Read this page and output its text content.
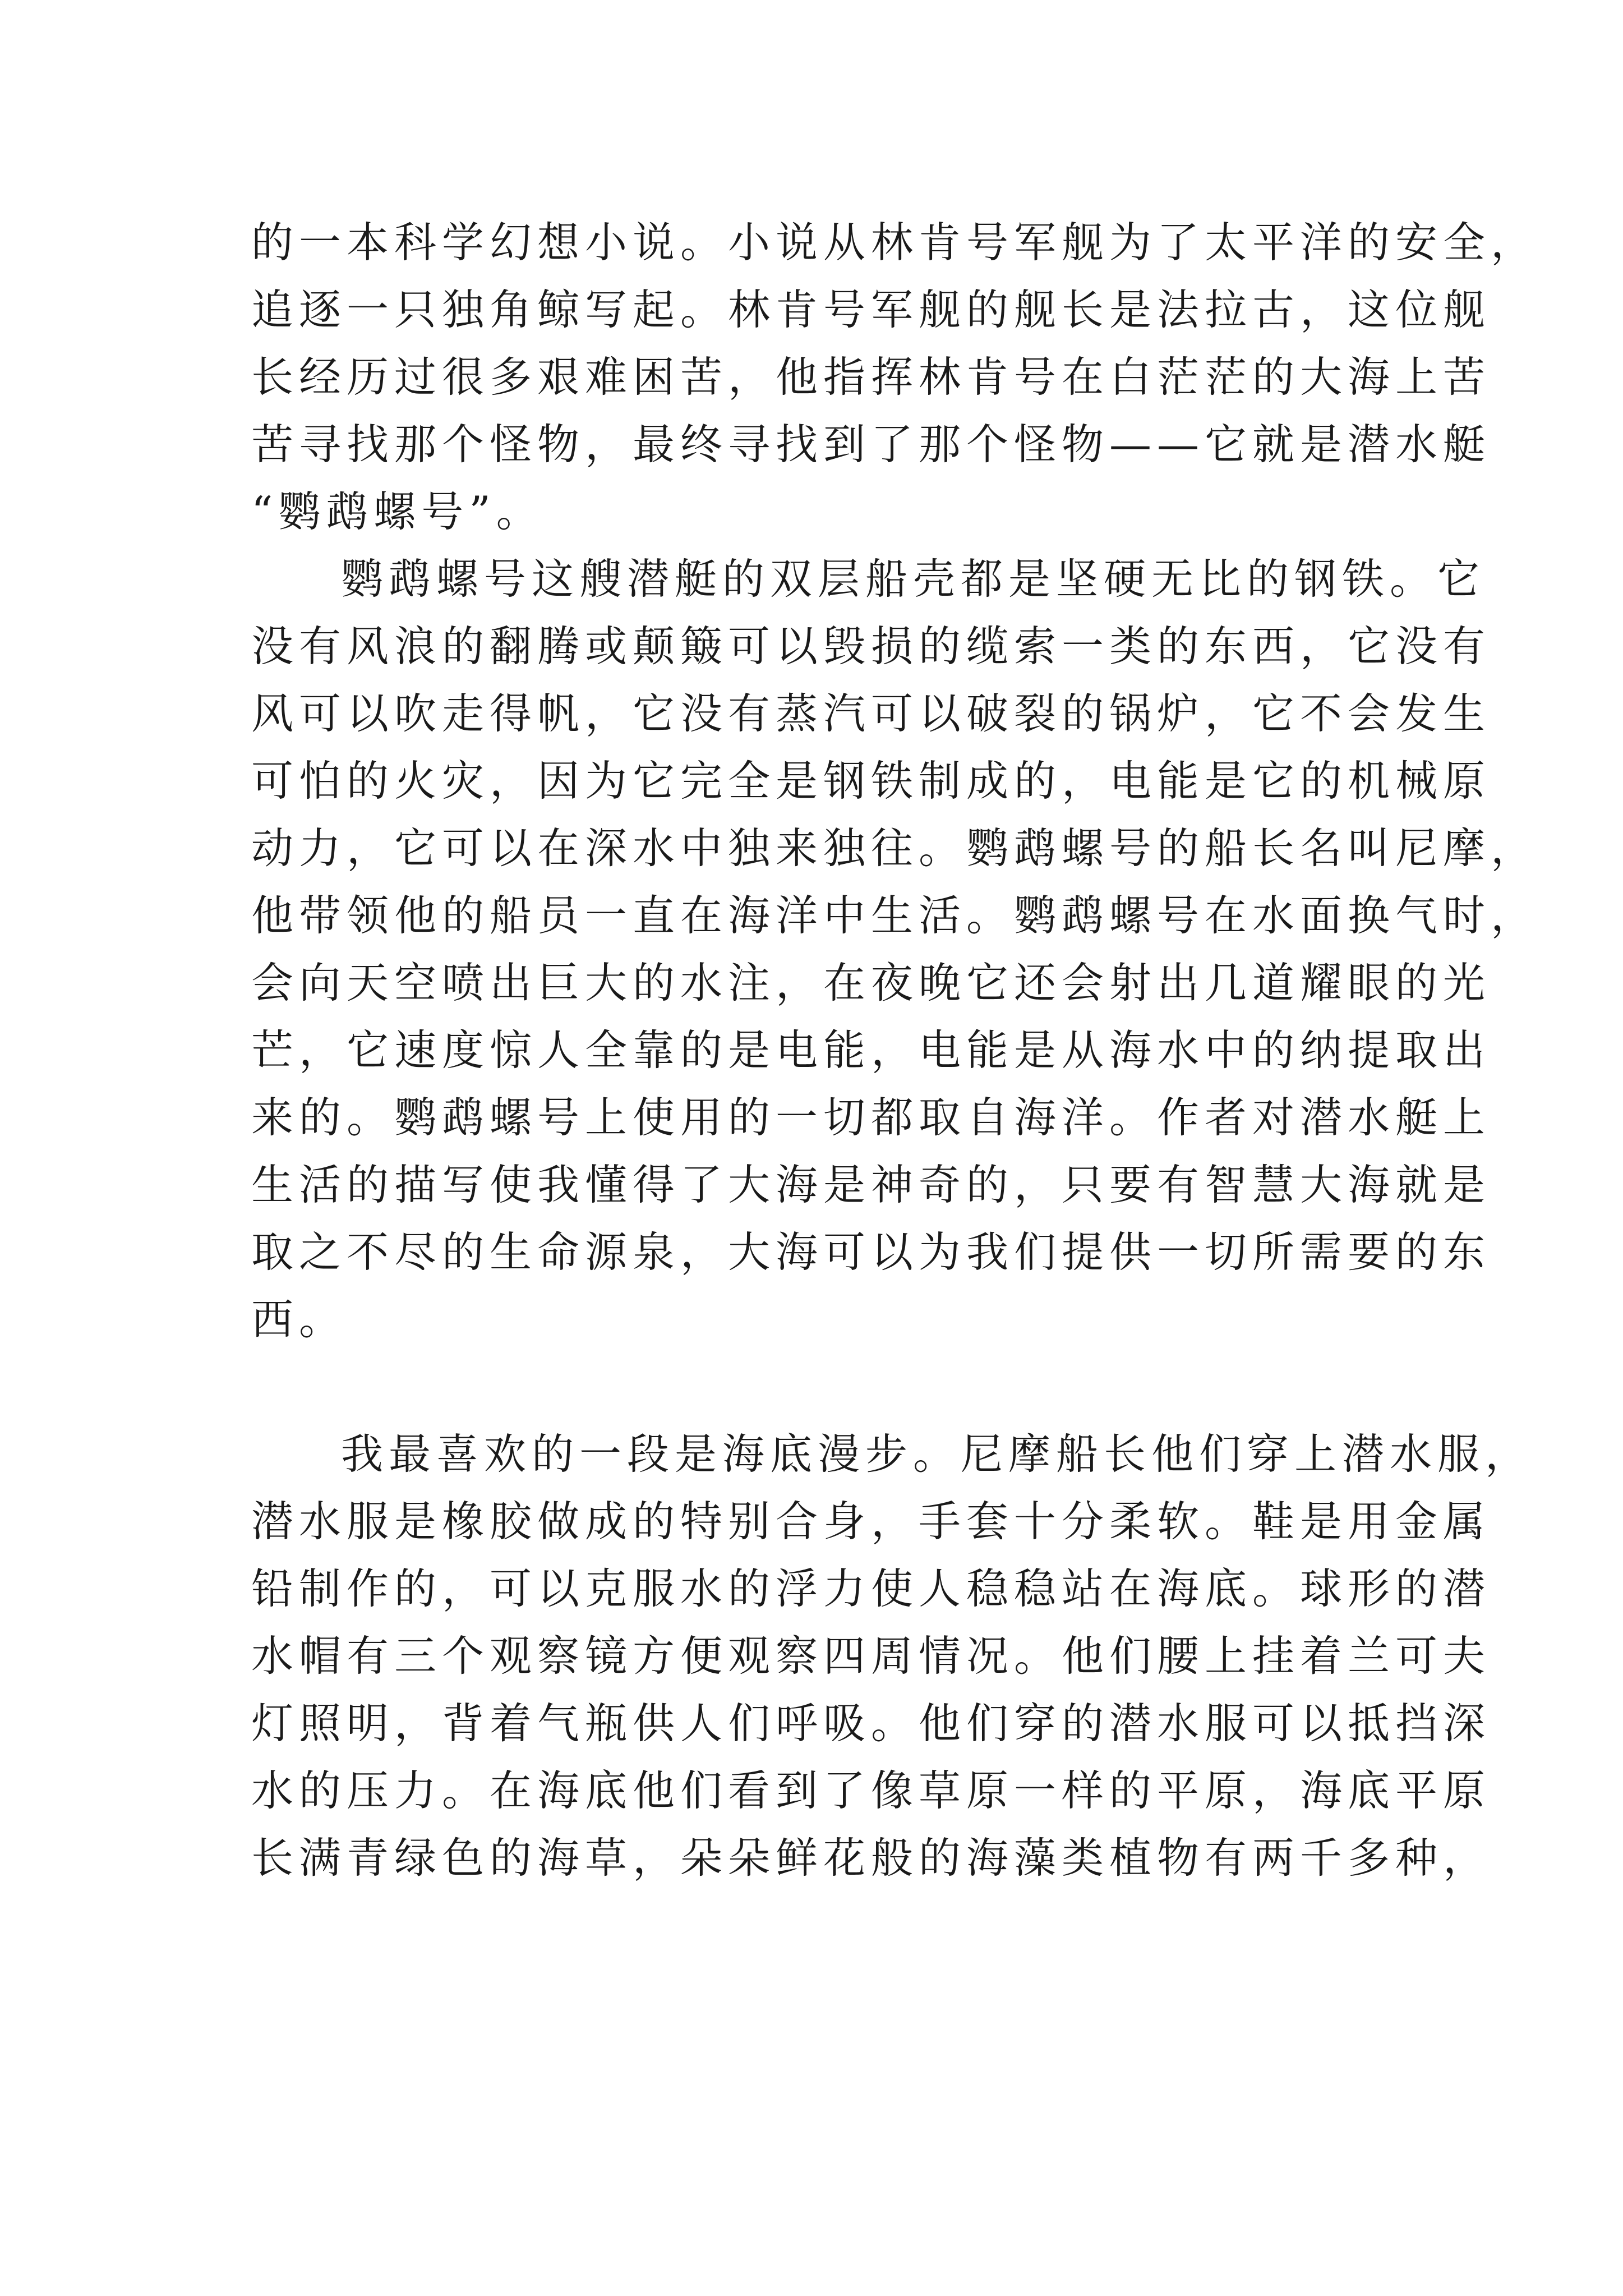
的一本科学幻想小说。小说从林肯号军舰为了太平洋的安全，
追逐一只独角鲸写起。林肯号军舰的舰长是法拉古，这位舰
长经历过很多艰难困苦，他指挥林肯号在白茫茫的大海上苦
苦寻找那个怪物，最终寻找到了那个怪物——它就是潜水艇
“鹦鹉螺号”。
鹦鹉螺号这艘潜艇的双层船壳都是坚硬无比的钢铁。它
没有风浪的翻腾或颠簸可以毁损的缆索一类的东西，它没有
风可以吹走得帆，它没有蒸汽可以破裂的锅炉，它不会发生
可怕的火灾，因为它完全是钢铁制成的，电能是它的机械原
动力，它可以在深水中独来独往。鹦鹉螺号的船长名叫尼摩，
他带领他的船员一直在海洋中生活。鹦鹉螺号在水面换气时，
会向天空喷出巨大的水注，在夜晚它还会射出几道耀眼的光
芒，它速度惊人全靠的是电能，电能是从海水中的纳提取出
来的。鹦鹉螺号上使用的一切都取自海洋。作者对潜水艇上
生活的描写使我懂得了大海是神奇的，只要有智慧大海就是
取之不尽的生命源泉，大海可以为我们提供一切所需要的东
西。
我最喜欢的一段是海底漫步。尼摩船长他们穿上潜水服，
潜水服是橡胶做成的特别合身，手套十分柔软。鞋是用金属
铅制作的，可以克服水的浮力使人稳稳站在海底。球形的潜
水帽有三个观察镜方便观察四周情况。他们腰上挂着兰可夫
灯照明，背着气瓶供人们呼吸。他们穿的潜水服可以抵挡深
水的压力。在海底他们看到了像草原一样的平原，海底平原
长满青绿色的海草，朵朵鲜花般的海藻类植物有两千多种，
